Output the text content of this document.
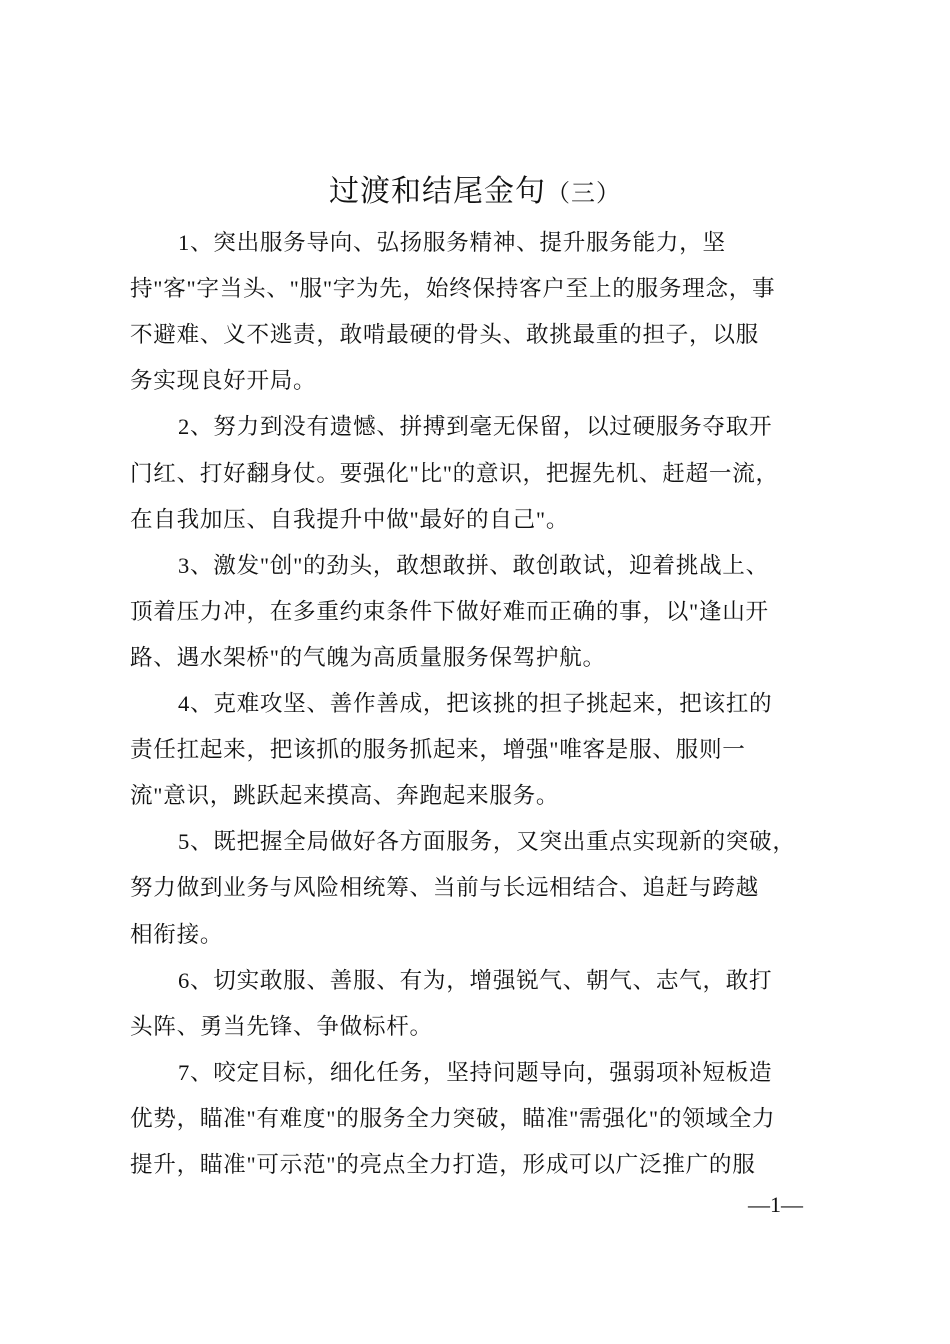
过渡和结尾金句（三）
1、突出服务导向、弘扬服务精神、提升服务能力，坚
持"客"字当头、"服"字为先，始终保持客户至上的服务理念，事
不避难、义不逃责，敢啃最硬的骨头、敢挑最重的担子，以服
务实现良好开局。
2、努力到没有遗憾、拼搏到毫无保留，以过硬服务夺取开
门红、打好翻身仗。要强化"比"的意识，把握先机、赶超一流，
在自我加压、自我提升中做"最好的自己"。
3、激发"创"的劲头，敢想敢拼、敢创敢试，迎着挑战上、
顶着压力冲，在多重约束条件下做好难而正确的事，以"逢山开
路、遇水架桥"的气魄为高质量服务保驾护航。
4、克难攻坚、善作善成，把该挑的担子挑起来，把该扛的
责任扛起来，把该抓的服务抓起来，增强"唯客是服、服则一
流"意识，跳跃起来摸高、奔跑起来服务。
5、既把握全局做好各方面服务，又突出重点实现新的突破，
努力做到业务与风险相统筹、当前与长远相结合、追赶与跨越
相衔接。
6、切实敢服、善服、有为，增强锐气、朝气、志气，敢打
头阵、勇当先锋、争做标杆。
7、咬定目标，细化任务，坚持问题导向，强弱项补短板造
优势，瞄准"有难度"的服务全力突破，瞄准"需强化"的领域全力
提升，瞄准"可示范"的亮点全力打造，形成可以广泛推广的服
—1—
